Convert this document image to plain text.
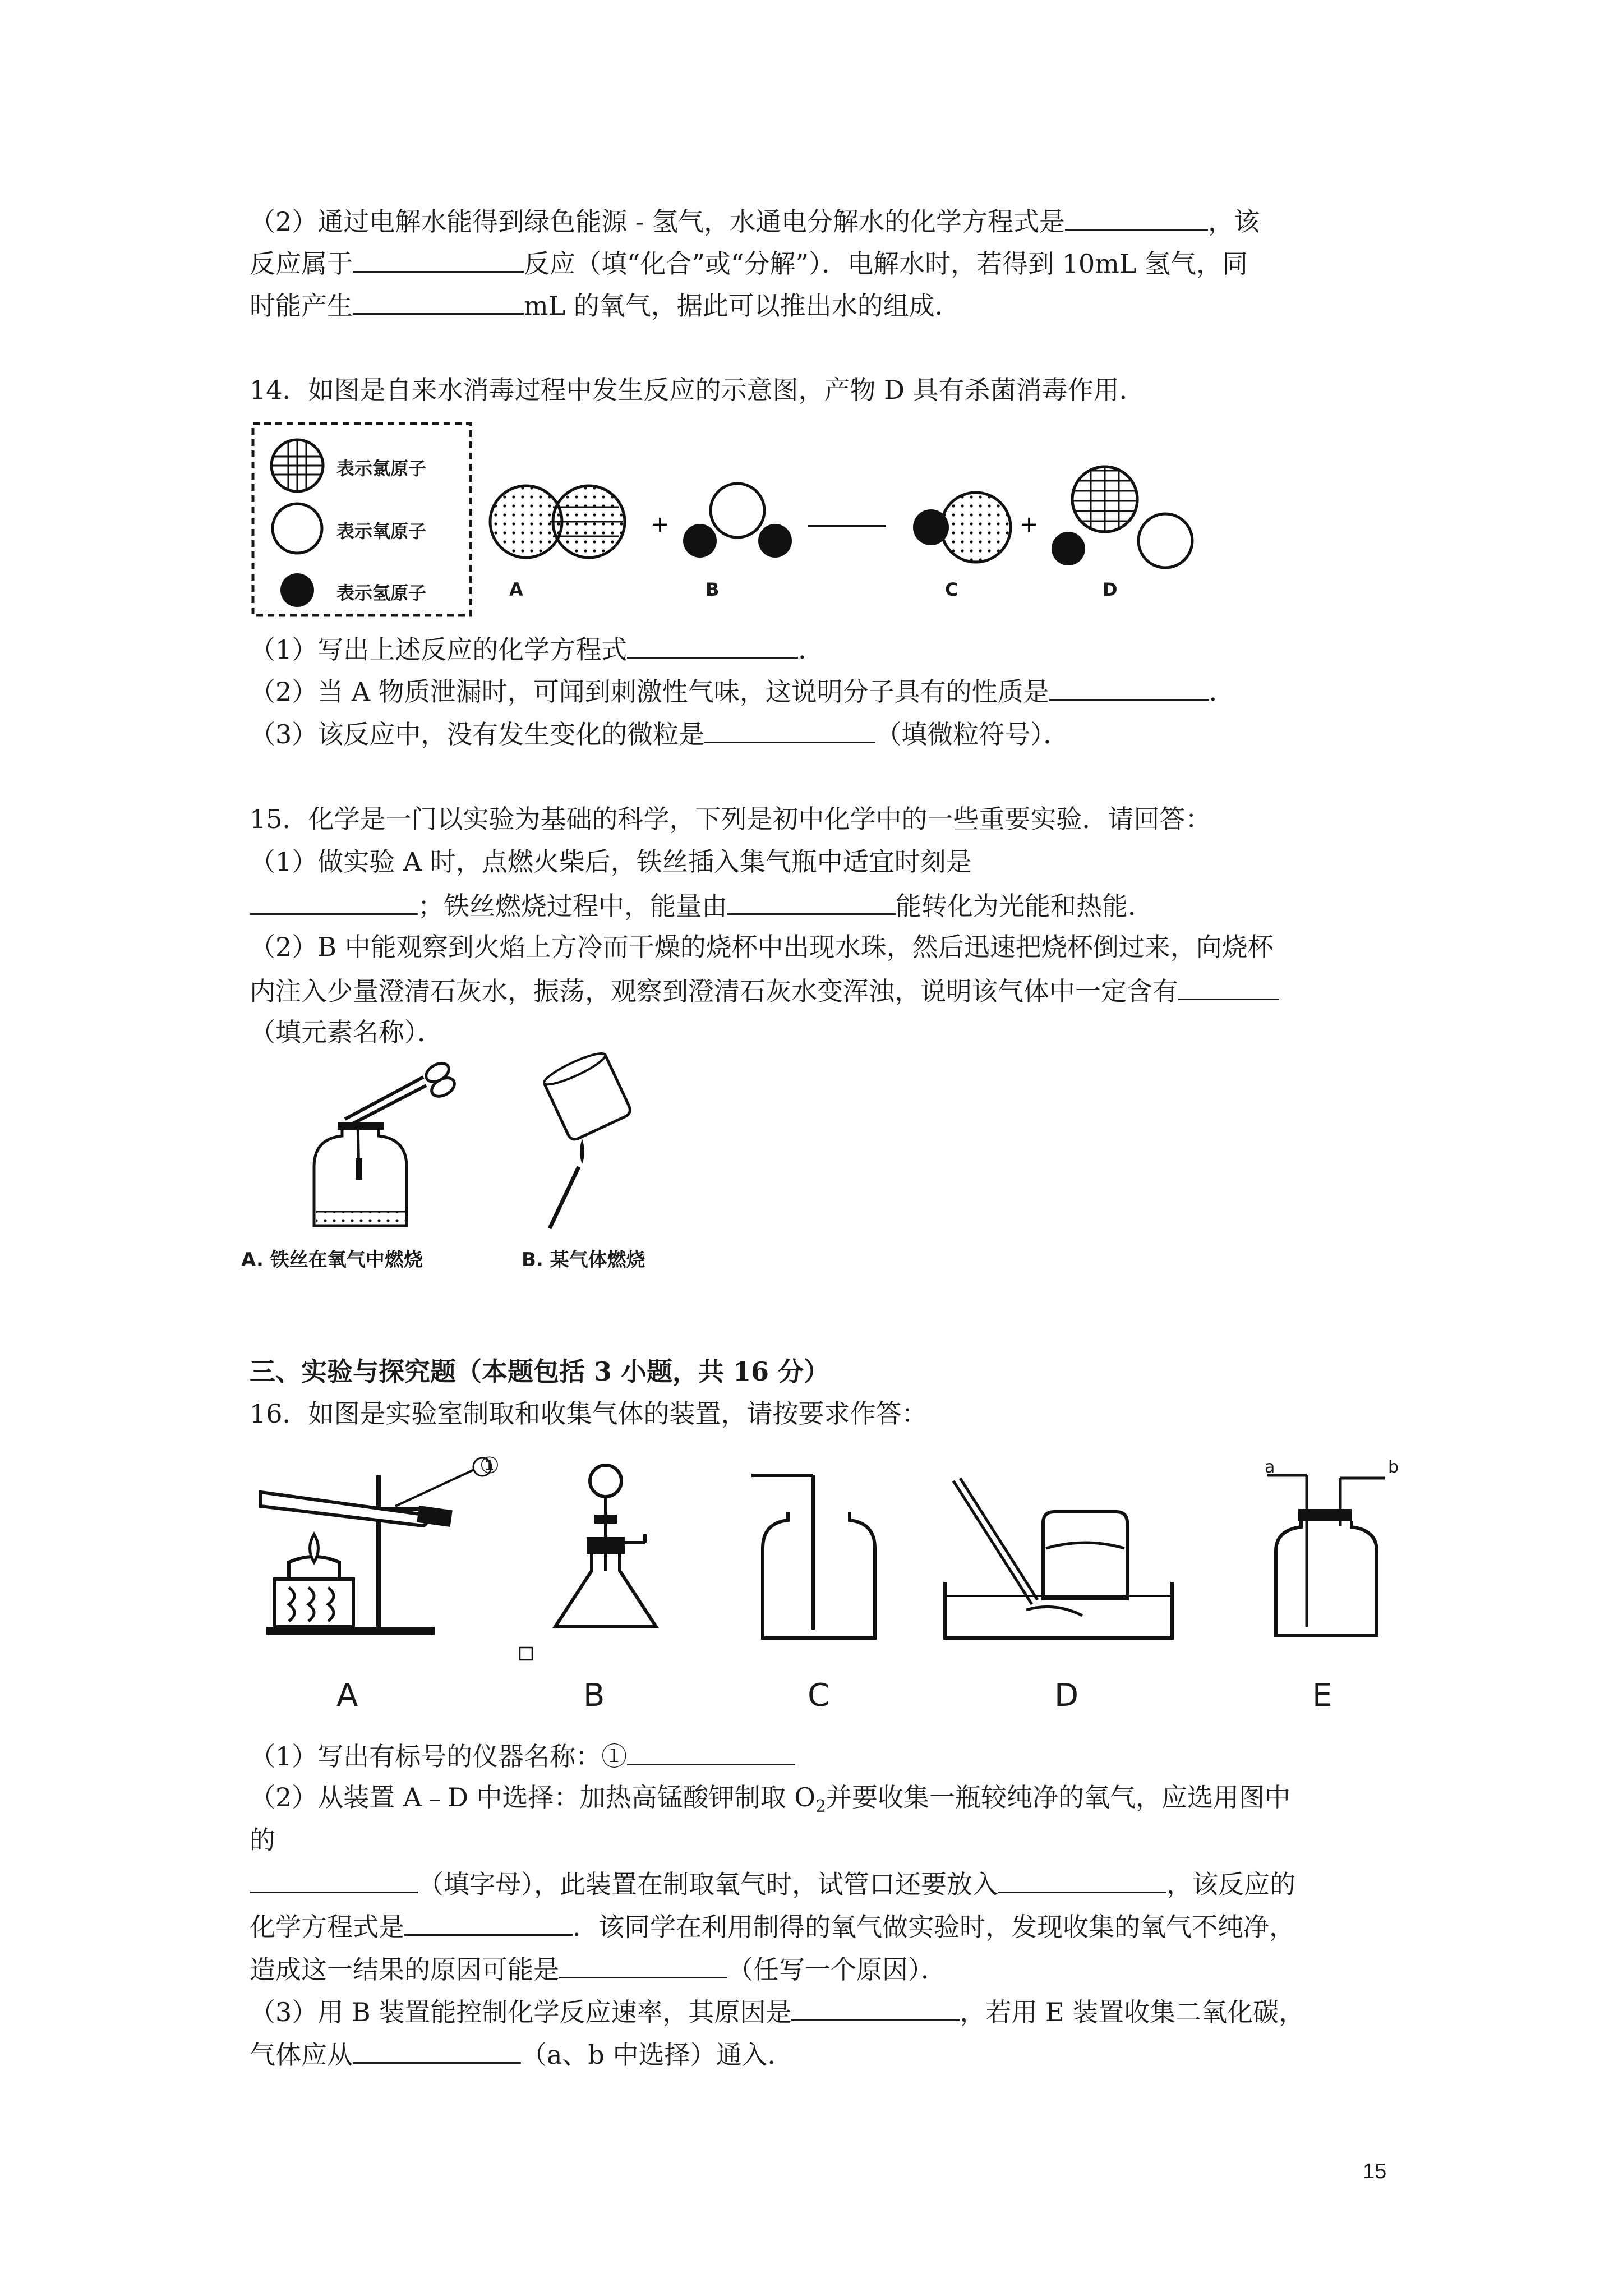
（2）通过电解水能得到绿色能源 - 氢气，水通电分解水的化学方程式是	，该
反应属于	反应（填“化合”或“分解”）．电解水时，若得到 10mL 氢气，同
时能产生	mL 的氧气，据此可以推出水的组成．
14．如图是自来水消毒过程中发生反应的示意图，产物 D 具有杀菌消毒作用．
表示氯原子
表示氧原子
表示氢原子
+	+
A	B	C	D
（1）写出上述反应的化学方程式	．
（2）当 A 物质泄漏时，可闻到刺激性气味，这说明分子具有的性质是	．
（3）该反应中，没有发生变化的微粒是	（填微粒符号）．
15．化学是一门以实验为基础的科学，下列是初中化学中的一些重要实验．请回答：
（1）做实验 A 时，点燃火柴后，铁丝插入集气瓶中适宜时刻是
；铁丝燃烧过程中，能量由	能转化为光能和热能．
（2）B 中能观察到火焰上方冷而干燥的烧杯中出现水珠，然后迅速把烧杯倒过来，向烧杯
内注入少量澄清石灰水，振荡，观察到澄清石灰水变浑浊，说明该气体中一定含有
（填元素名称）．
A. 铁丝在氧气中燃烧	B. 某气体燃烧
三、实验与探究题（本题包括 3 小题，共 16 分）
16．如图是实验室制取和收集气体的装置，请按要求作答：
①	a	b
A	B	C	D	E
（1）写出有标号的仪器名称：①
（2）从装置 A﹣D 中选择：加热高锰酸钾制取 $O_2$并要收集一瓶较纯净的氧气，应选用图中
的
（填字母），此装置在制取氧气时，试管口还要放入	，该反应的
化学方程式是	．该同学在利用制得的氧气做实验时，发现收集的氧气不纯净，
造成这一结果的原因可能是	（任写一个原因）．
（3）用 B 装置能控制化学反应速率，其原因是	，若用 E 装置收集二氧化碳，
气体应从	（a、b 中选择）通入．
15
